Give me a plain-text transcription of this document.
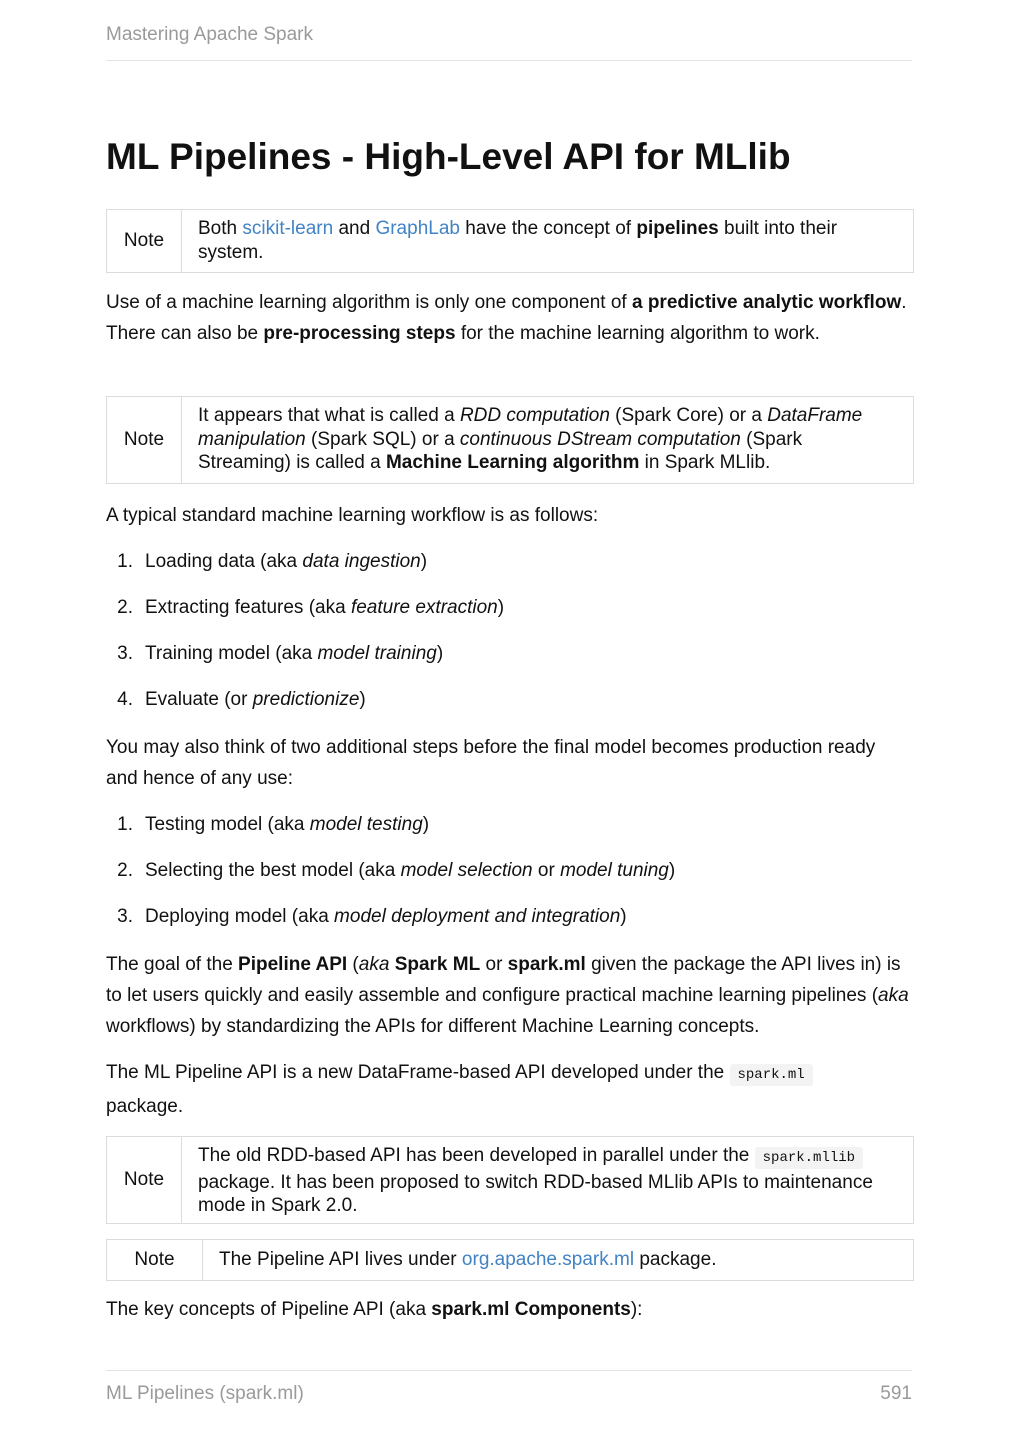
Mastering Apache Spark
ML Pipelines - High-Level API for MLlib
Note
Both scikit-learn and GraphLab have the concept of pipelines built into their system.

Use of a machine learning algorithm is only one component of a predictive analytic workflow. There can also be pre-processing steps for the machine learning algorithm to work.

Note
It appears that what is called a RDD computation (Spark Core) or a DataFrame manipulation (Spark SQL) or a continuous DStream computation (Spark Streaming) is called a Machine Learning algorithm in Spark MLlib.

A typical standard machine learning workflow is as follows:

1. Loading data (aka data ingestion)
2. Extracting features (aka feature extraction)
3. Training model (aka model training)
4. Evaluate (or predictionize)

You may also think of two additional steps before the final model becomes production ready and hence of any use:

1. Testing model (aka model testing)
2. Selecting the best model (aka model selection or model tuning)
3. Deploying model (aka model deployment and integration)

The goal of the Pipeline API (aka Spark ML or spark.ml given the package the API lives in) is to let users quickly and easily assemble and configure practical machine learning pipelines (aka workflows) by standardizing the APIs for different Machine Learning concepts.

The ML Pipeline API is a new DataFrame-based API developed under the spark.ml
package.

Note
The old RDD-based API has been developed in parallel under the spark.mllib package. It has been proposed to switch RDD-based MLlib APIs to maintenance mode in Spark 2.0.
Note	The Pipeline API lives under org.apache.spark.ml package.

The key concepts of Pipeline API (aka spark.ml Components):

ML Pipelines (spark.ml)	591
